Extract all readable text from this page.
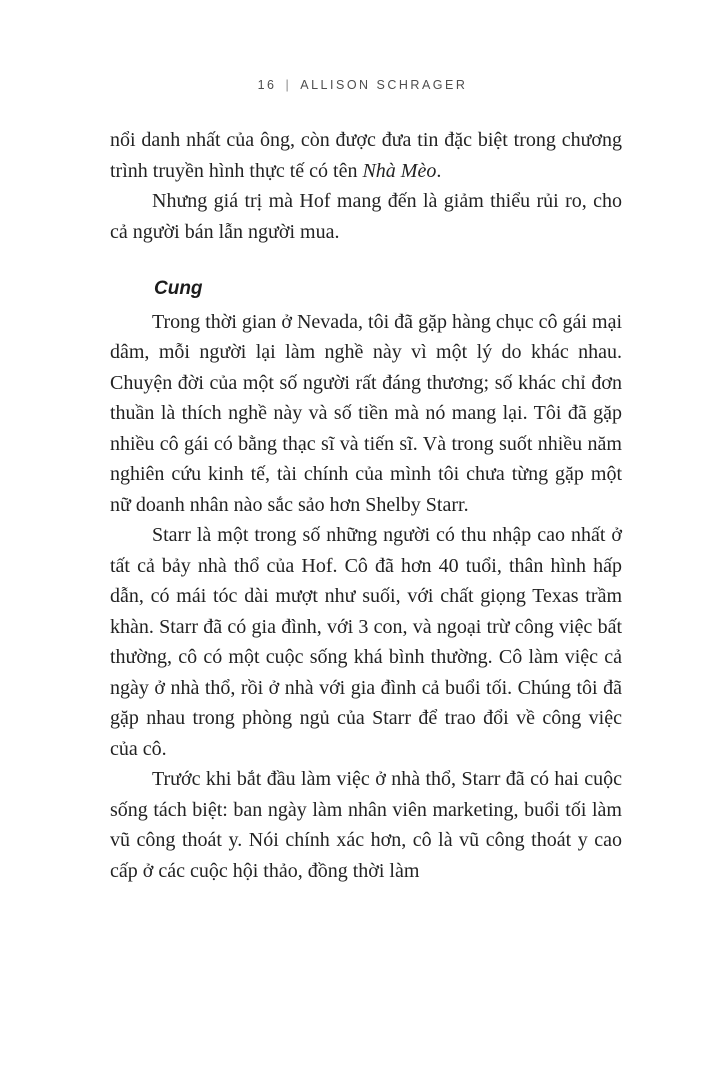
16 | ALLISON SCHRAGER

nổi danh nhất của ông, còn được đưa tin đặc biệt trong chương trình truyền hình thực tế có tên Nhà Mèo.

Nhưng giá trị mà Hof mang đến là giảm thiểu rủi ro, cho cả người bán lẫn người mua.

Cung

Trong thời gian ở Nevada, tôi đã gặp hàng chục cô gái mại dâm, mỗi người lại làm nghề này vì một lý do khác nhau. Chuyện đời của một số người rất đáng thương; số khác chỉ đơn thuần là thích nghề này và số tiền mà nó mang lại. Tôi đã gặp nhiều cô gái có bằng thạc sĩ và tiến sĩ. Và trong suốt nhiều năm nghiên cứu kinh tế, tài chính của mình tôi chưa từng gặp một nữ doanh nhân nào sắc sảo hơn Shelby Starr.

Starr là một trong số những người có thu nhập cao nhất ở tất cả bảy nhà thổ của Hof. Cô đã hơn 40 tuổi, thân hình hấp dẫn, có mái tóc dài mượt như suối, với chất giọng Texas trầm khàn. Starr đã có gia đình, với 3 con, và ngoại trừ công việc bất thường, cô có một cuộc sống khá bình thường. Cô làm việc cả ngày ở nhà thổ, rồi ở nhà với gia đình cả buổi tối. Chúng tôi đã gặp nhau trong phòng ngủ của Starr để trao đổi về công việc của cô.

Trước khi bắt đầu làm việc ở nhà thổ, Starr đã có hai cuộc sống tách biệt: ban ngày làm nhân viên marketing, buổi tối làm vũ công thoát y. Nói chính xác hơn, cô là vũ công thoát y cao cấp ở các cuộc hội thảo, đồng thời làm
